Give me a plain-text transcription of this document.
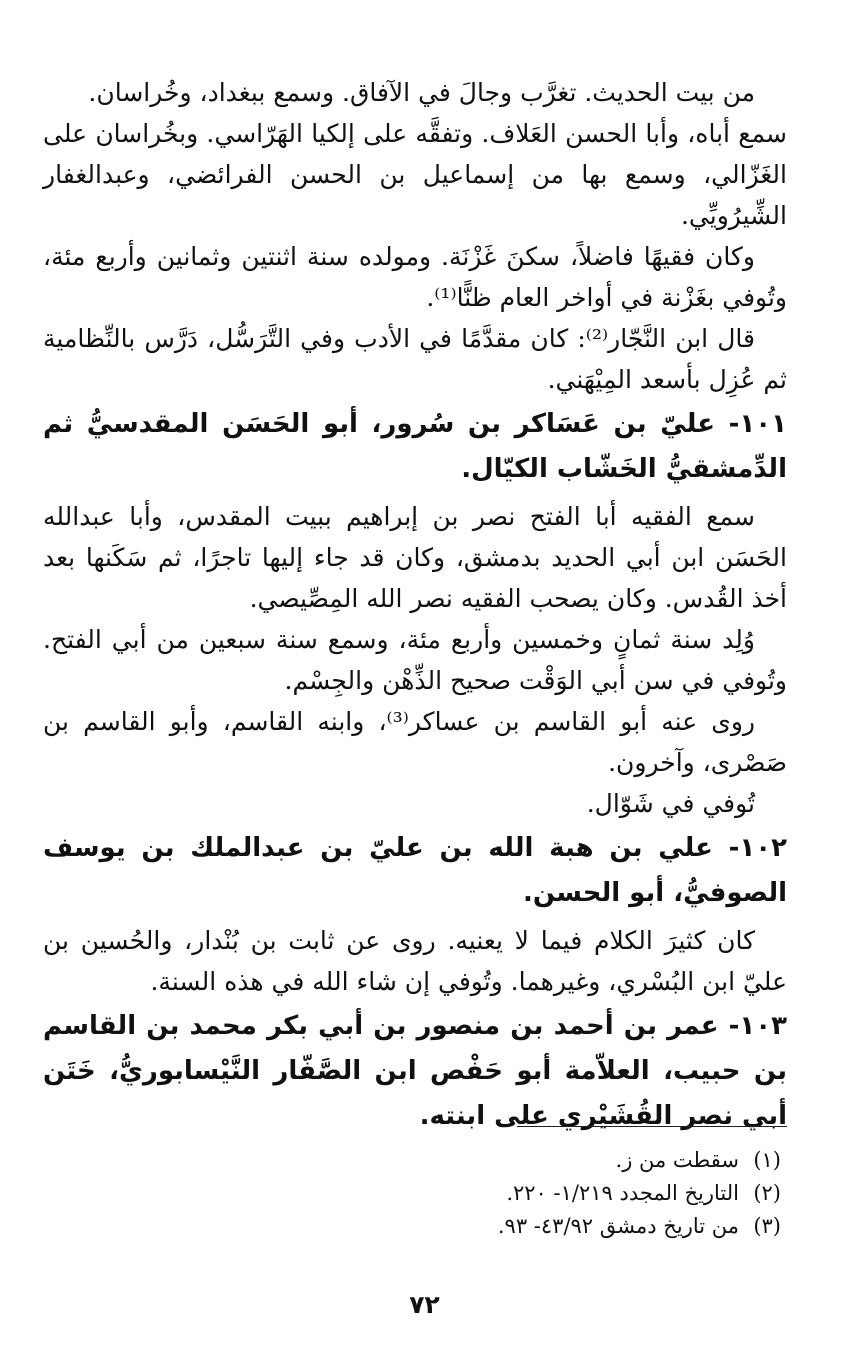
من بيت الحديث. تغرَّب وجالَ في الآفاق. وسمع ببغداد، وخُراسان.

سمع أباه، وأبا الحسن العَلاف. وتفقَّه على إلكيا الهَرّاسي. وبخُراسان على الغَزّالي، وسمع بها من إسماعيل بن الحسن الفرائضي، وعبدالغفار الشِّيرُويِّي.

وكان فقيهًا فاضلاً، سكنَ غَزْنَة. ومولده سنة اثنتين وثمانين وأربع مئة، وتُوفي بغَزْنة في أواخر العام ظنًّا⁽¹⁾.

قال ابن النَّجّار⁽²⁾: كان مقدَّمًا في الأدب وفي التَّرَسُّل، دَرَّس بالنِّظامية ثم عُزِل بأسعد المِيْهَني.

١٠١- عليّ بن عَسَاكر بن سُرور، أبو الحَسَن المقدسيُّ ثم الدِّمشقيُّ الخَشّاب الكيّال.

سمع الفقيه أبا الفتح نصر بن إبراهيم ببيت المقدس، وأبا عبدالله الحَسَن ابن أبي الحديد بدمشق، وكان قد جاء إليها تاجرًا، ثم سَكَنها بعد أخذ القُدس. وكان يصحب الفقيه نصر الله المِصِّيصي.

وُلِد سنة ثمانٍ وخمسين وأربع مئة، وسمع سنة سبعين من أبي الفتح. وتُوفي في سن أبي الوَقْت صحيح الذِّهْن والجِسْم.

روى عنه أبو القاسم بن عساكر⁽³⁾، وابنه القاسم، وأبو القاسم بن صَصْرى، وآخرون.

تُوفي في شَوّال.

١٠٢- علي بن هبة الله بن عليّ بن عبدالملك بن يوسف الصوفيُّ، أبو الحسن.

كان كثيرَ الكلام فيما لا يعنيه. روى عن ثابت بن بُنْدار، والحُسين بن عليّ ابن البُسْري، وغيرهما. وتُوفي إن شاء الله في هذه السنة.

١٠٣- عمر بن أحمد بن منصور بن أبي بكر محمد بن القاسم بن حبيب، العلاّمة أبو حَفْص ابن الصَّفّار النَّيْسابوريُّ، خَتَن أبي نصر القُشَيْري على ابنته.

(١)سقطت من ز.
(٢)التاريخ المجدد ١/٢١٩- ٢٢٠.
(٣)من تاريخ دمشق ٤٣/٩٢- ٩٣.
٧٢
